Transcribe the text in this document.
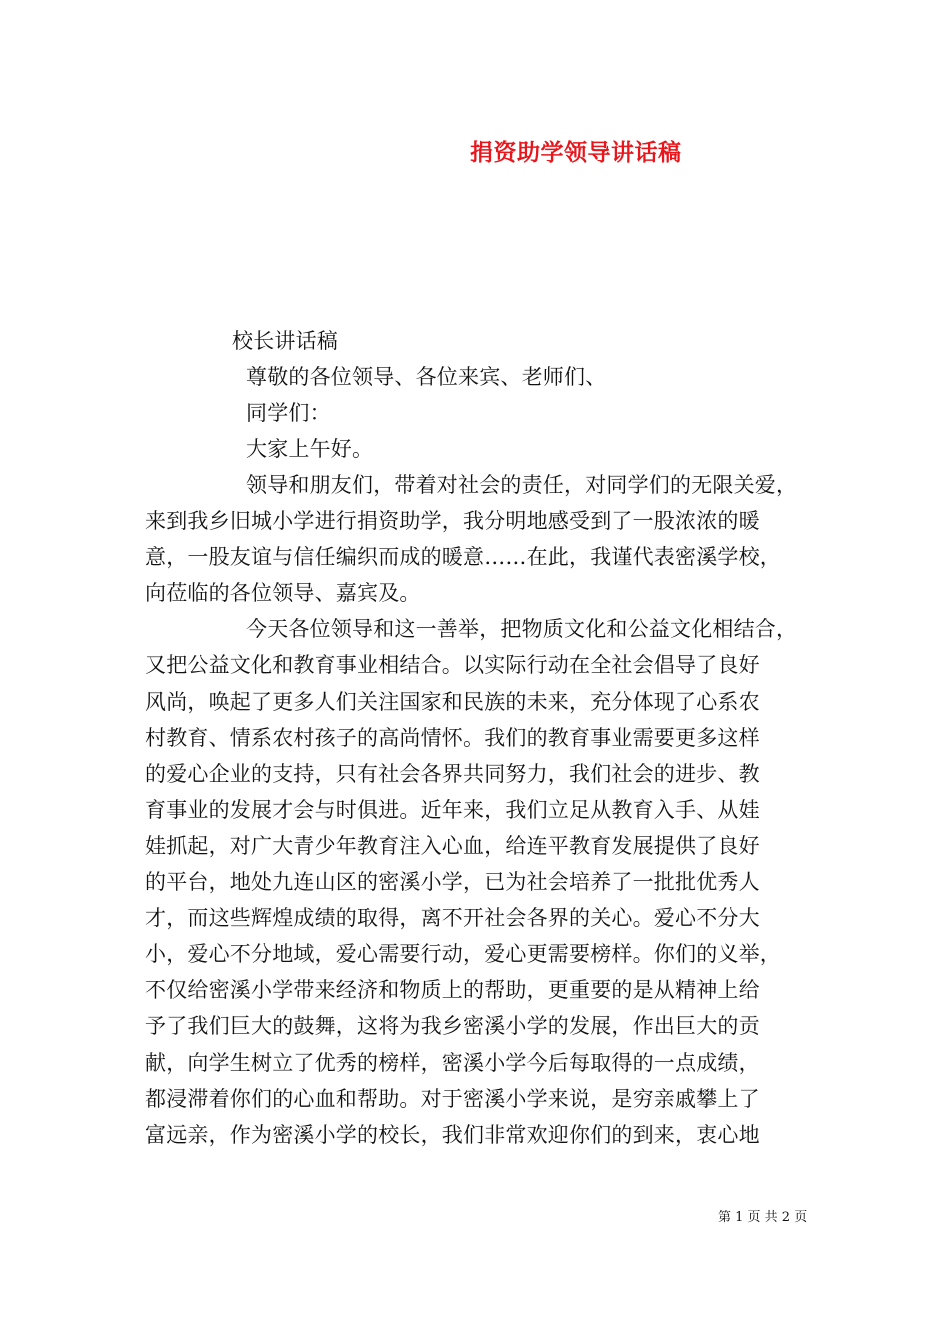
捐资助学领导讲话稿
校长讲话稿
尊敬的各位领导、各位来宾、老师们、
同学们：
大家上午好。
领导和朋友们，带着对社会的责任，对同学们的无限关爱，
来到我乡旧城小学进行捐资助学，我分明地感受到了一股浓浓的暖
意，一股友谊与信任编织而成的暖意……在此，我谨代表密溪学校，
向莅临的各位领导、嘉宾及。
今天各位领导和这一善举，把物质文化和公益文化相结合，
又把公益文化和教育事业相结合。以实际行动在全社会倡导了良好
风尚，唤起了更多人们关注国家和民族的未来，充分体现了心系农
村教育、情系农村孩子的高尚情怀。我们的教育事业需要更多这样
的爱心企业的支持，只有社会各界共同努力，我们社会的进步、教
育事业的发展才会与时俱进。近年来，我们立足从教育入手、从娃
娃抓起，对广大青少年教育注入心血，给连平教育发展提供了良好
的平台，地处九连山区的密溪小学，已为社会培养了一批批优秀人
才，而这些辉煌成绩的取得，离不开社会各界的关心。爱心不分大
小，爱心不分地域，爱心需要行动，爱心更需要榜样。你们的义举，
不仅给密溪小学带来经济和物质上的帮助，更重要的是从精神上给
予了我们巨大的鼓舞，这将为我乡密溪小学的发展，作出巨大的贡
献，向学生树立了优秀的榜样，密溪小学今后每取得的一点成绩，
都浸滞着你们的心血和帮助。对于密溪小学来说，是穷亲戚攀上了
富远亲，作为密溪小学的校长，我们非常欢迎你们的到来，衷心地
第 1 页 共 2 页
